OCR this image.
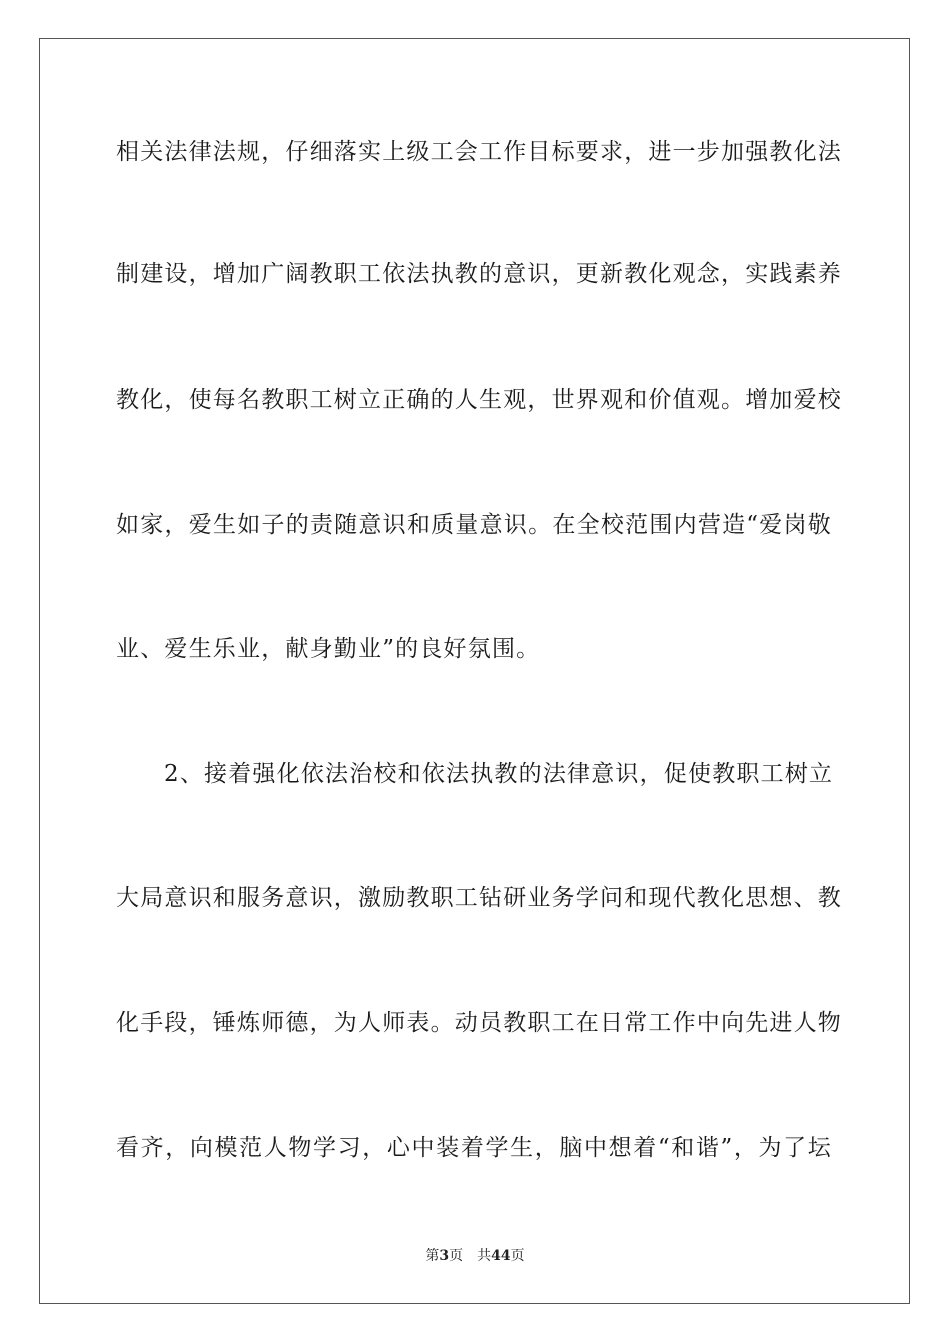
相关法律法规，仔细落实上级工会工作目标要求，进一步加强教化法
制建设，增加广阔教职工依法执教的意识，更新教化观念，实践素养
教化，使每名教职工树立正确的人生观，世界观和价值观。增加爱校
如家，爱生如子的责随意识和质量意识。在全校范围内营造“爱岗敬
业、爱生乐业，献身勤业”的良好氛围。
2、接着强化依法治校和依法执教的法律意识，促使教职工树立
大局意识和服务意识，激励教职工钻研业务学问和现代教化思想、教
化手段，锤炼师德，为人师表。动员教职工在日常工作中向先进人物
看齐，向模范人物学习，心中装着学生，脑中想着“和谐”，为了坛
第3页 共44页
